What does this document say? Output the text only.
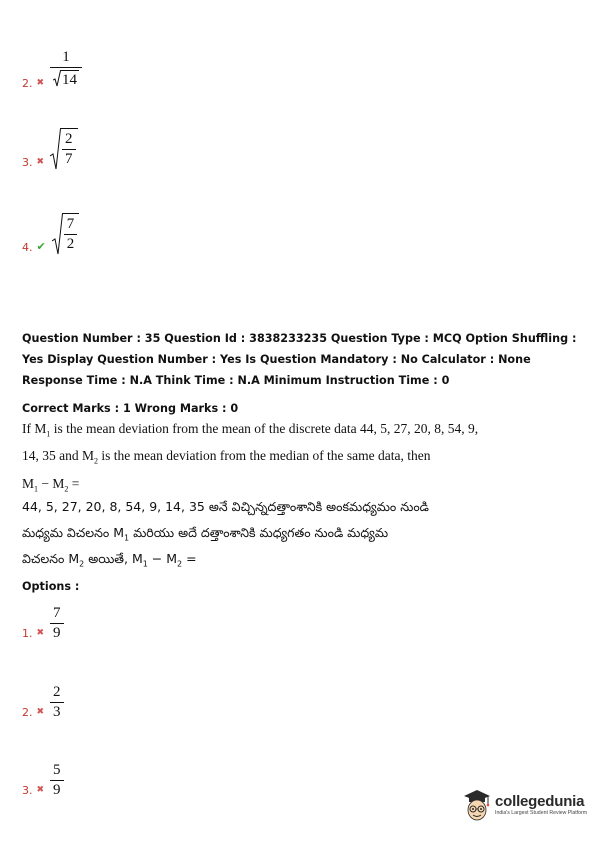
2. ✖ $\frac{1}{14}$
3. ✖ $\frac{2}{7}$
4. ✔ $\frac{7}{2}$
Question Number : 35 Question Id : 3838233235 Question Type : MCQ Option Shuffling : Yes Display Question Number : Yes Is Question Mandatory : No Calculator : None Response Time : N.A Think Time : N.A Minimum Instruction Time : 0
Correct Marks : 1 Wrong Marks : 0
If $M_1$ is the mean deviation from the mean of the discrete data 44, 5, 27, 20, 8, 54, 9,
14, 35 and $M_2$ is the mean deviation from the median of the same data, then
$M_1 - M_2$ =
44, 5, 27, 20, 8, 54, 9, 14, 35 అనే విచ్చిన్నదత్తాంశానికి అంకమధ్యమం నుండి
మధ్యమ విచలనం $M_1$ మరియు అదే దత్తాంశానికి మధ్యగతం నుండి మధ్యమ
విచలనం $M_2$ అయితే, $M_1 - M_2$ =
Options :
1. ✖ $\frac{7}{9}$
2. ✖ $\frac{2}{3}$
3. ✖ $\frac{5}{9}$
collegedunia
India's Largest Student Review Platform
